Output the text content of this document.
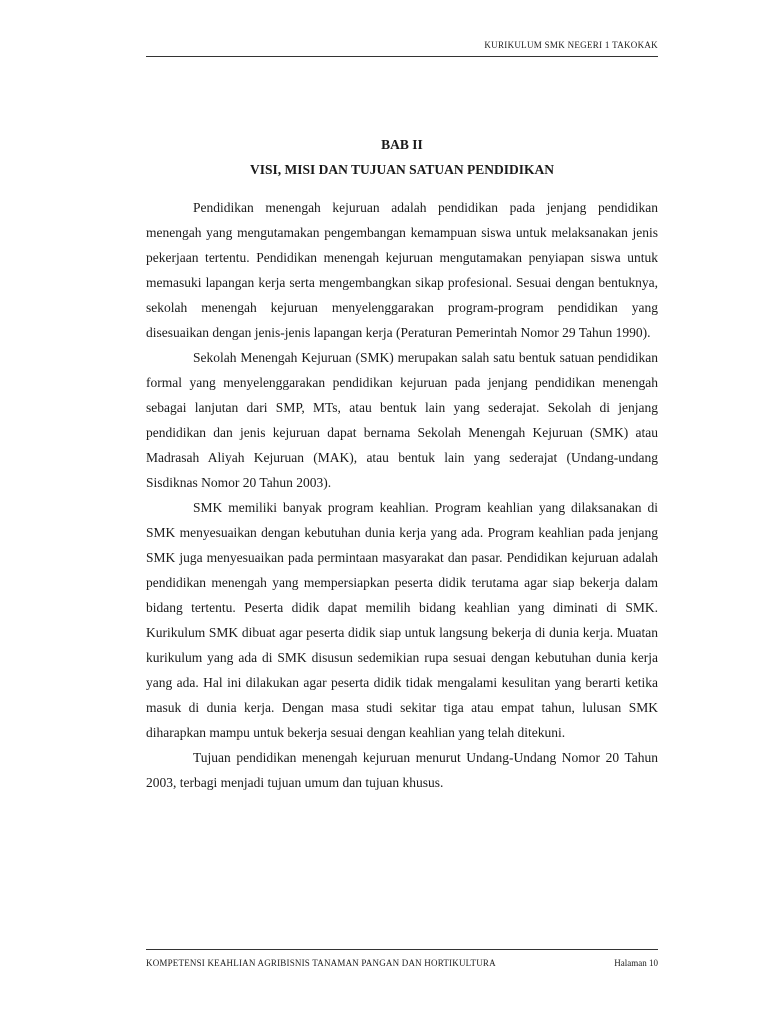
KURIKULUM SMK NEGERI 1 TAKOKAK
BAB II
VISI, MISI DAN TUJUAN SATUAN PENDIDIKAN

Pendidikan menengah kejuruan adalah pendidikan pada jenjang pendidikan menengah yang mengutamakan pengembangan kemampuan siswa untuk melaksanakan jenis pekerjaan tertentu. Pendidikan menengah kejuruan mengutamakan penyiapan siswa untuk memasuki lapangan kerja serta mengembangkan sikap profesional. Sesuai dengan bentuknya, sekolah menengah kejuruan menyelenggarakan program-program pendidikan yang disesuaikan dengan jenis-jenis lapangan kerja (Peraturan Pemerintah Nomor 29 Tahun 1990).

Sekolah Menengah Kejuruan (SMK) merupakan salah satu bentuk satuan pendidikan formal yang menyelenggarakan pendidikan kejuruan pada jenjang pendidikan menengah sebagai lanjutan dari SMP, MTs, atau bentuk lain yang sederajat. Sekolah di jenjang pendidikan dan jenis kejuruan dapat bernama Sekolah Menengah Kejuruan (SMK) atau Madrasah Aliyah Kejuruan (MAK), atau bentuk lain yang sederajat (Undang-undang Sisdiknas Nomor 20 Tahun 2003).

SMK memiliki banyak program keahlian. Program keahlian yang dilaksanakan di SMK menyesuaikan dengan kebutuhan dunia kerja yang ada. Program keahlian pada jenjang SMK juga menyesuaikan pada permintaan masyarakat dan pasar. Pendidikan kejuruan adalah pendidikan menengah yang mempersiapkan peserta didik terutama agar siap bekerja dalam bidang tertentu. Peserta didik dapat memilih bidang keahlian yang diminati di SMK. Kurikulum SMK dibuat agar peserta didik siap untuk langsung bekerja di dunia kerja. Muatan kurikulum yang ada di SMK disusun sedemikian rupa sesuai dengan kebutuhan dunia kerja yang ada. Hal ini dilakukan agar peserta didik tidak mengalami kesulitan yang berarti ketika masuk di dunia kerja. Dengan masa studi sekitar tiga atau empat tahun, lulusan SMK diharapkan mampu untuk bekerja sesuai dengan keahlian yang telah ditekuni.

Tujuan pendidikan menengah kejuruan menurut Undang-Undang Nomor 20 Tahun 2003, terbagi menjadi tujuan umum dan tujuan khusus.

KOMPETENSI KEAHLIAN AGRIBISNIS TANAMAN PANGAN DAN HORTIKULTURA	Halaman 10
